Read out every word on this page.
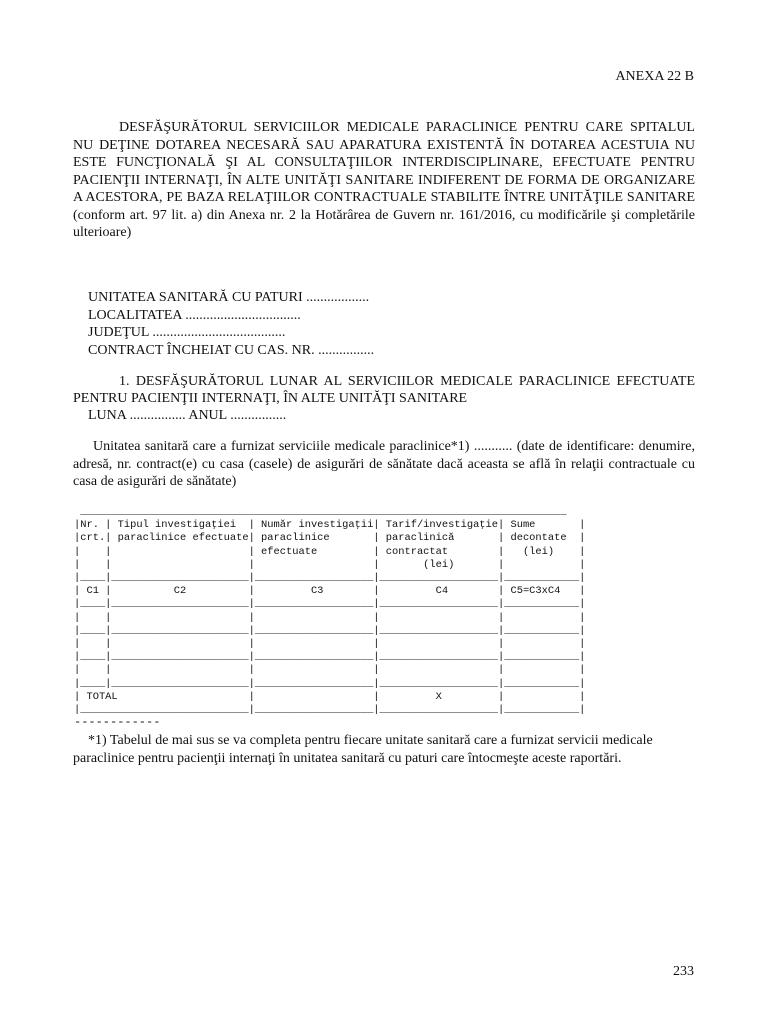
ANEXA 22 B
DESFĂŞURĂTORUL SERVICIILOR MEDICALE PARACLINICE PENTRU CARE SPITALUL NU DEŢINE DOTAREA NECESARĂ SAU APARATURA EXISTENTĂ ÎN DOTAREA ACESTUIA NU ESTE FUNCŢIONALĂ ŞI AL CONSULTAŢIILOR INTERDISCIPLINARE, EFECTUATE PENTRU PACIENŢII INTERNAŢI, ÎN ALTE UNITĂŢI SANITARE INDIFERENT DE FORMA DE ORGANIZARE A ACESTORA, PE BAZA RELAŢIILOR CONTRACTUALE STABILITE ÎNTRE UNITĂŢILE SANITARE (conform art. 97 lit. a) din Anexa nr. 2 la Hotărârea de Guvern nr. 161/2016, cu modificările şi completările ulterioare)
UNITATEA SANITARĂ CU PATURI ..................
LOCALITATEA .................................
JUDEŢUL ......................................
CONTRACT ÎNCHEIAT CU CAS. NR. ................
1. DESFĂŞURĂTORUL LUNAR AL SERVICIILOR MEDICALE PARACLINICE EFECTUATE PENTRU PACIENŢII INTERNAŢI, ÎN ALTE UNITĂŢI SANITARE
LUNA ................ ANUL ................
Unitatea sanitară care a furnizat serviciile medicale paraclinice*1) ........... (date de identificare: denumire, adresă, nr. contract(e) cu casa (casele) de asigurări de sănătate dacă aceasta se află în relaţii contractuale cu casa de asigurări de sănătate)
______________________________________________________________________________
|Nr. | Tipul investigaţiei  | Număr investigaţii| Tarif/investigaţie| Sume       |
|crt.| paraclinice efectuate| paraclinice       | paraclinică       | decontate  |
|    |                      | efectuate         | contractat        |   (lei)    |
|    |                      |                   |       (lei)       |            |
|____|______________________|___________________|___________________|____________|
| C1 |          C2          |         C3        |         C4        | C5=C3xC4   |
|____|______________________|___________________|___________________|____________|
|    |                      |                   |                   |            |
|____|______________________|___________________|___________________|____________|
|    |                      |                   |                   |            |
|____|______________________|___________________|___________________|____________|
|    |                      |                   |                   |            |
|____|______________________|___________________|___________________|____________|
| TOTAL                     |                   |         X         |            |
|___________________________|___________________|___________________|____________|
------------
*1) Tabelul de mai sus se va completa pentru fiecare unitate sanitară care a furnizat servicii medicale paraclinice pentru pacienţii internaţi în unitatea sanitară cu paturi care întocmeşte aceste raportări.
233
